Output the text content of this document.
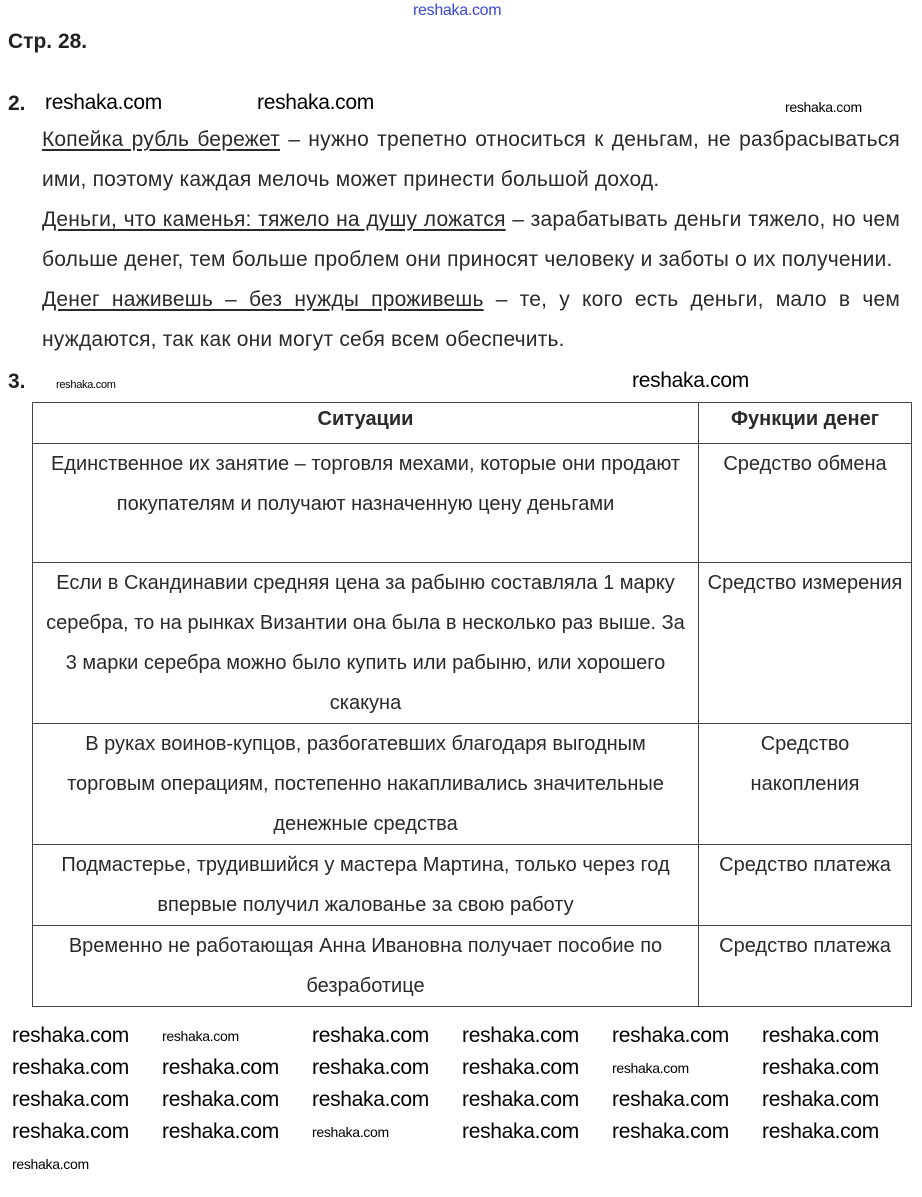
reshaka.com
Стр. 28.
2. reshaka.com	reshaka.com	reshaka.com

Копейка рубль бережет – нужно трепетно относиться к деньгам, не разбрасываться ими, поэтому каждая мелочь может принести большой доход.

Деньги, что каменья: тяжело на душу ложатся – зарабатывать деньги тяжело, но чем больше денег, тем больше проблем они приносят человеку и заботы о их получении.

Денег наживешь – без нужды проживешь – те, у кого есть деньги, мало в чем нуждаются, так как они могут себя всем обеспечить.

3.	reshaka.com	reshaka.com
Ситуации	Функции денег
Единственное их занятие – торговля мехами, которые они продают покупателям и получают назначенную цену деньгами	Средство обмена
Если в Скандинавии средняя цена за рабыню составляла 1 марку серебра, то на рынках Византии она была в несколько раз выше. За 3 марки серебра можно было купить или рабыню, или хорошего скакуна	Средство измерения
В руках воинов-купцов, разбогатевших благодаря выгодным торговым операциям, постепенно накапливались значительные денежные средства	Средство накопления
Подмастерье, трудившийся у мастера Мартина, только через год впервые получил жалованье за свою работу	Средство платежа
Временно не работающая Анна Ивановна получает пособие по безработице	Средство платежа
reshaka.com	reshaka.com	reshaka.com	reshaka.com	reshaka.com	reshaka.com
reshaka.com	reshaka.com	reshaka.com	reshaka.com	reshaka.com	reshaka.com
reshaka.com	reshaka.com	reshaka.com	reshaka.com	reshaka.com	reshaka.com
reshaka.com	reshaka.com	reshaka.com	reshaka.com	reshaka.com	reshaka.com
reshaka.com
